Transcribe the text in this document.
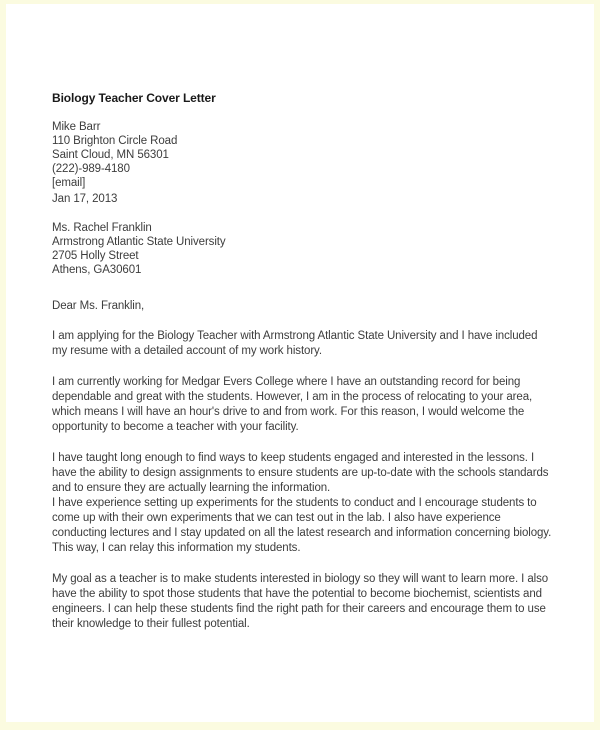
Biology Teacher Cover Letter
Mike Barr
110 Brighton Circle Road
Saint Cloud, MN 56301
(222)-989-4180
[email]
Jan 17, 2013
Ms. Rachel Franklin
Armstrong Atlantic State University
2705 Holly Street
Athens, GA30601
Dear Ms. Franklin,

I am applying for the Biology Teacher with Armstrong Atlantic State University and I have included my resume with a detailed account of my work history.

I am currently working for Medgar Evers College where I have an outstanding record for being dependable and great with the students. However, I am in the process of relocating to your area, which means I will have an hour's drive to and from work. For this reason, I would welcome the opportunity to become a teacher with your facility.

I have taught long enough to find ways to keep students engaged and interested in the lessons. I have the ability to design assignments to ensure students are up-to-date with the schools standards and to ensure they are actually learning the information.

I have experience setting up experiments for the students to conduct and I encourage students to come up with their own experiments that we can test out in the lab. I also have experience conducting lectures and I stay updated on all the latest research and information concerning biology. This way, I can relay this information my students.

My goal as a teacher is to make students interested in biology so they will want to learn more. I also have the ability to spot those students that have the potential to become biochemist, scientists and engineers. I can help these students find the right path for their careers and encourage them to use their knowledge to their fullest potential.
